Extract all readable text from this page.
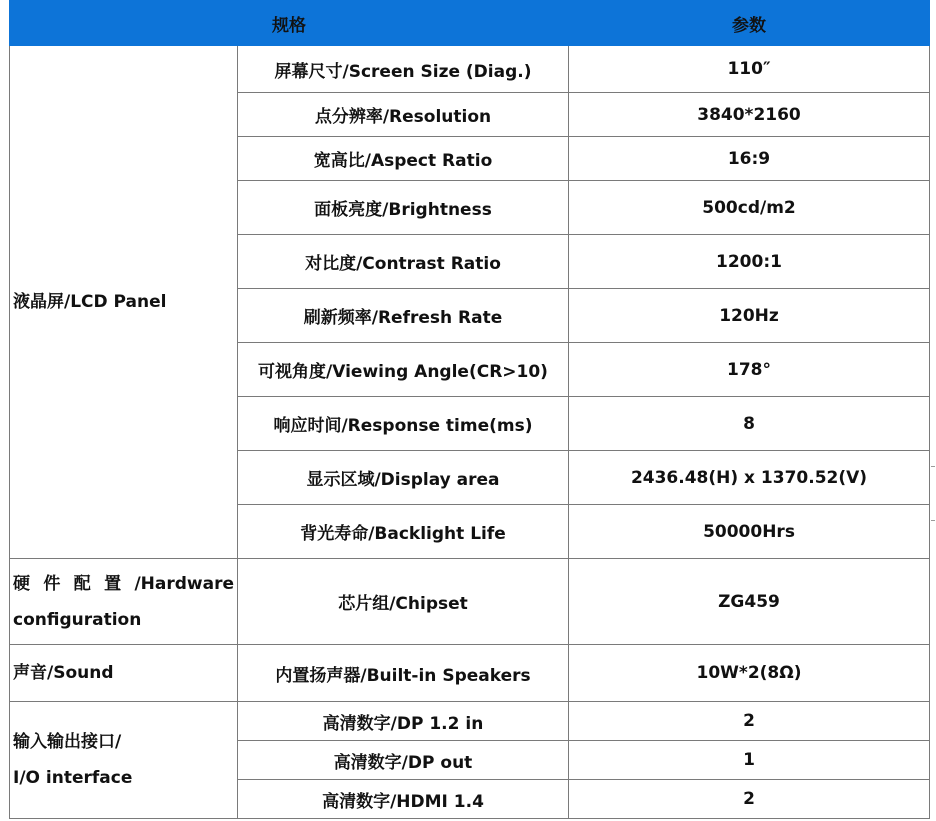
规格		参数
液晶屏/LCD Panel	屏幕尺寸/Screen Size (Diag.)	110″
	点分辨率/Resolution	3840*2160
	宽高比/Aspect Ratio	16:9
	面板亮度/Brightness	500cd/m2
	对比度/Contrast Ratio	1200:1
	刷新频率/Refresh Rate	120Hz
	可视角度/Viewing Angle(CR>10)	178°
	响应时间/Response time(ms)	8
	显示区域/Display area	2436.48(H) x 1370.52(V)
	背光寿命/Backlight Life	50000Hrs

硬 件 配 置 /Hardware
configuration	芯片组/Chipset	ZG459
声音/Sound	内置扬声器/Built-in Speakers	10W*2(8Ω)

输入输出接口/
I/O interface	高清数字/DP 1.2 in	2
	高清数字/DP out	1
	高清数字/HDMI 1.4	2
